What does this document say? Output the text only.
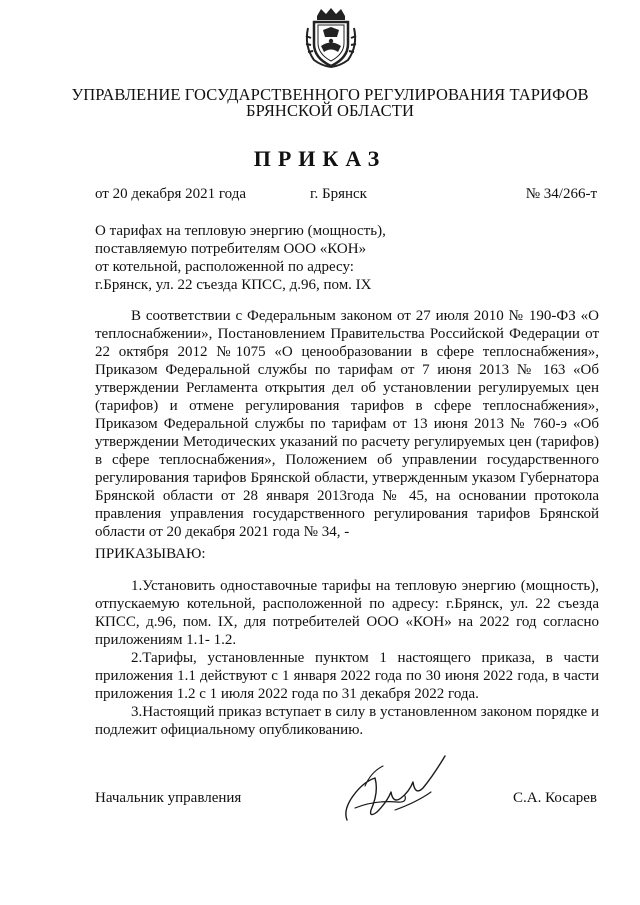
УПРАВЛЕНИЕ ГОСУДАРСТВЕННОГО РЕГУЛИРОВАНИЯ ТАРИФОВ
БРЯНСКОЙ ОБЛАСТИ
ПРИКАЗ
от 20 декабря 2021 года	г. Брянск	№ 34/266-т
О тарифах на тепловую энергию (мощность),
поставляемую потребителям ООО «КОН»
от котельной, расположенной по адресу:
г.Брянск, ул. 22 съезда КПСС, д.96, пом. IX
В соответствии с Федеральным законом от 27 июля 2010 № 190-ФЗ «О теплоснабжении», Постановлением Правительства Российской Федерации от 22 октября 2012 №1075 «О ценообразовании в сфере теплоснабжения», Приказом Федеральной службы по тарифам от 7 июня 2013 № 163 «Об утверждении Регламента открытия дел об установлении регулируемых цен (тарифов) и отмене регулирования тарифов в сфере теплоснабжения», Приказом Федеральной службы по тарифам от 13 июня 2013 № 760-э «Об утверждении Методических указаний по расчету регулируемых цен (тарифов) в сфере теплоснабжения», Положением об управлении государственного регулирования тарифов Брянской области, утвержденным указом Губернатора Брянской области от 28 января 2013года № 45, на основании протокола правления управления государственного регулирования тарифов Брянской области от 20 декабря 2021 года № 34, -
ПРИКАЗЫВАЮ:
1.Установить одноставочные тарифы на тепловую энергию (мощность), отпускаемую котельной, расположенной по адресу: г.Брянск, ул. 22 съезда КПСС, д.96, пом. IX, для потребителей ООО «КОН» на 2022 год согласно приложениям 1.1- 1.2.
2.Тарифы, установленные пунктом 1 настоящего приказа, в части приложения 1.1 действуют с 1 января 2022 года по 30 июня 2022 года, в части приложения 1.2 с 1 июля 2022 года по 31 декабря 2022 года.
3.Настоящий приказ вступает в силу в установленном законом порядке и подлежит официальному опубликованию.
Начальник управления	С.А. Косарев
